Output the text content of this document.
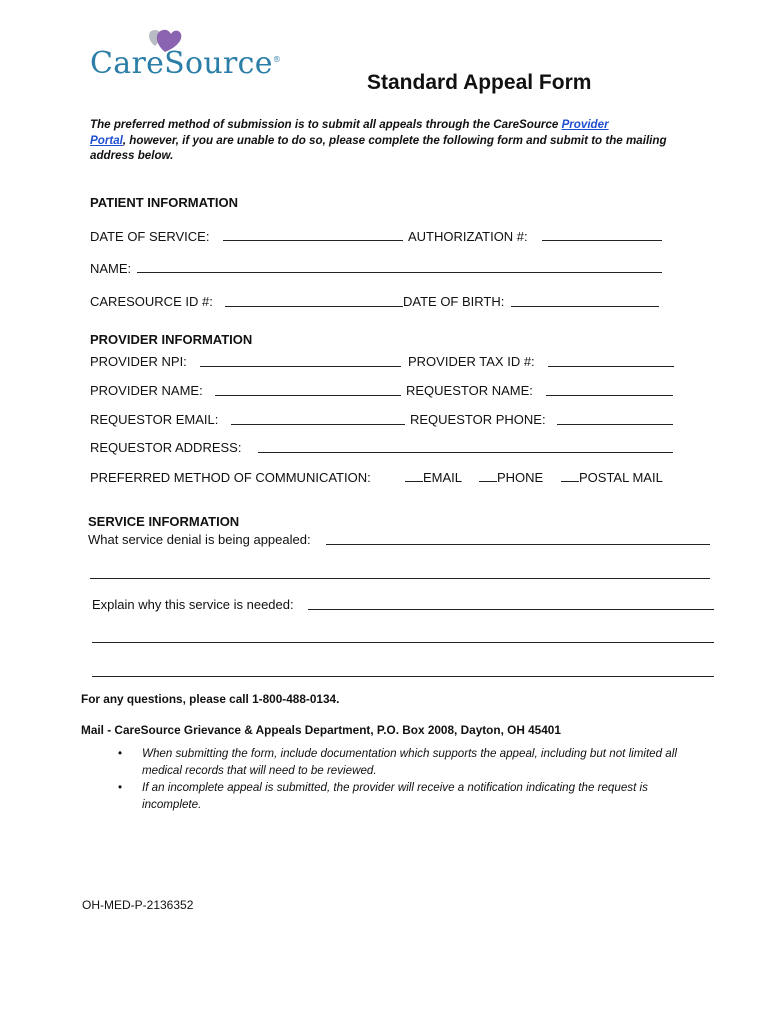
CareSource®
Standard Appeal Form
The preferred method of submission is to submit all appeals through the CareSource Provider
Portal, however, if you are unable to do so, please complete the following form and submit to the mailing address below.
PATIENT INFORMATION
DATE OF SERVICE:	AUTHORIZATION #:
NAME:
CARESOURCE ID #:	DATE OF BIRTH:
PROVIDER INFORMATION
PROVIDER NPI:	PROVIDER TAX ID #:
PROVIDER NAME:	REQUESTOR NAME:
REQUESTOR EMAIL:	REQUESTOR PHONE:
REQUESTOR ADDRESS:
PREFERRED METHOD OF COMMUNICATION:	EMAIL	PHONE	POSTAL MAIL
SERVICE INFORMATION
What service denial is being appealed:
Explain why this service is needed:
For any questions, please call 1-800-488-0134.
Mail - CareSource Grievance & Appeals Department, P.O. Box 2008, Dayton, OH 45401
• When submitting the form, include documentation which supports the appeal, including but not limited all medical records that will need to be reviewed.
• If an incomplete appeal is submitted, the provider will receive a notification indicating the request is incomplete.
OH-MED-P-2136352
